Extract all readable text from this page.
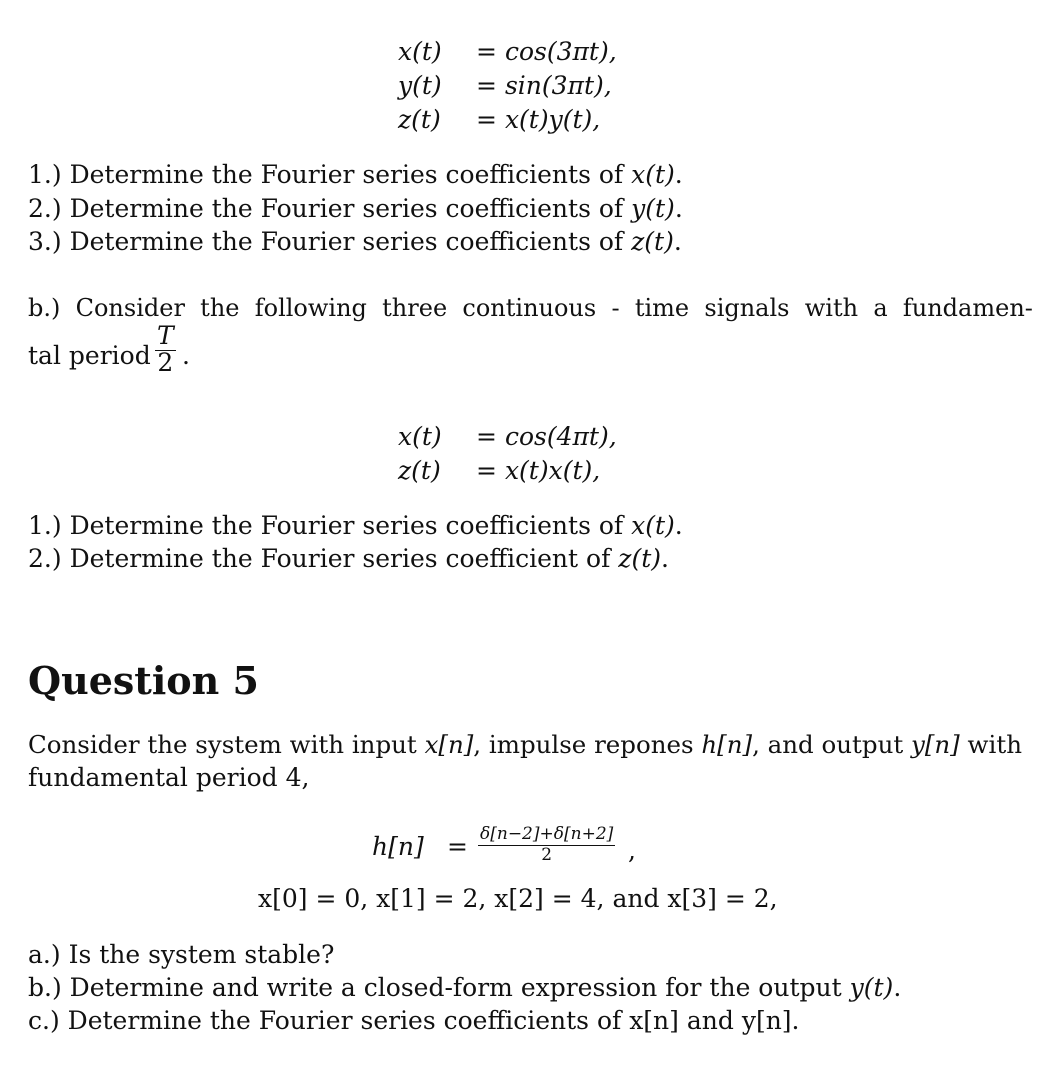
x(t) = cos(3πt),
y(t) = sin(3πt),
z(t) = x(t)y(t),
1.) Determine the Fourier series coefficients of x(t).
2.) Determine the Fourier series coefficients of y(t).
3.) Determine the Fourier series coefficients of z(t).
b.)  Consider  the  following  three  continuous  -  time  signals  with  a  fundamen-
tal period $\frac{T}{2}$ .
x(t) = cos(4πt),
z(t) = x(t)x(t),
1.) Determine the Fourier series coefficients of x(t).
2.) Determine the Fourier series coefficient of z(t).
Question 5
Consider the system with input x[n], impulse repones h[n], and output y[n] with
fundamental period 4,
$h[n] = \frac{\delta[n-2]+\delta[n+2]}{2}$ ,
x[0] = 0, x[1] = 2, x[2] = 4, and x[3] = 2,
a.) Is the system stable?
b.) Determine and write a closed-form expression for the output y(t).
c.) Determine the Fourier series coefficients of x[n] and y[n].
